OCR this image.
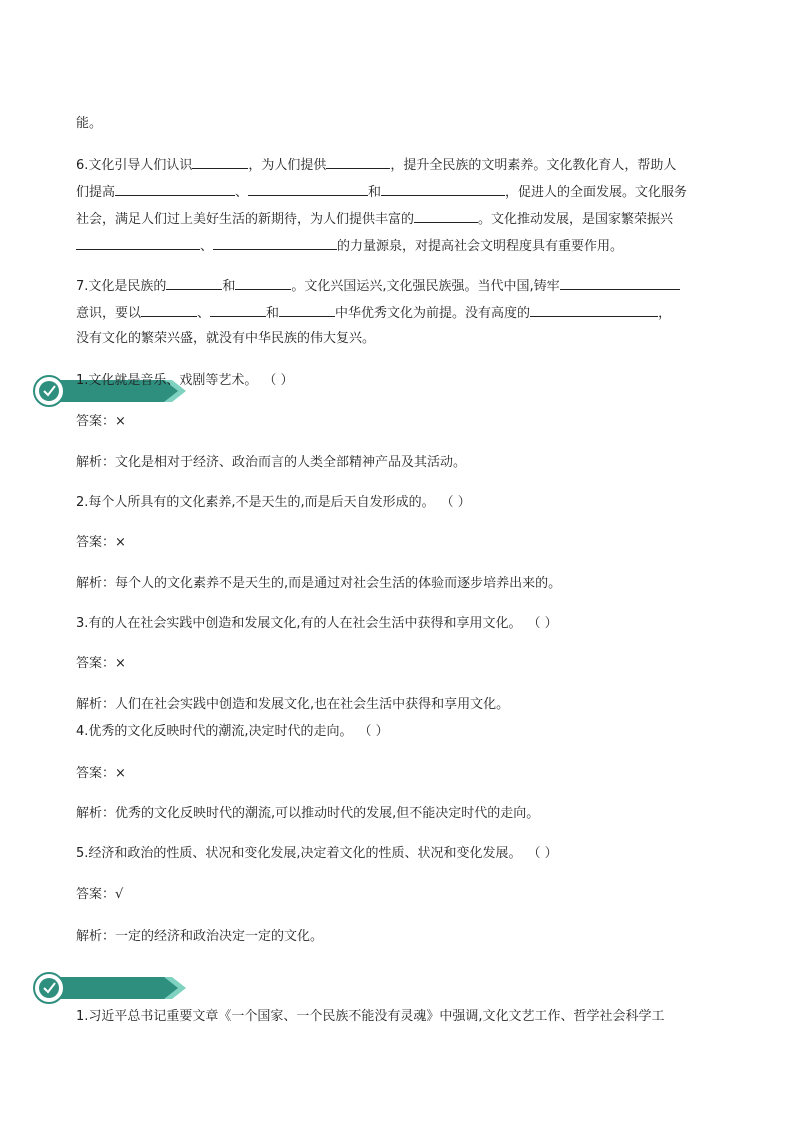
能。
6.文化引导人们认识	，为人们提供	，提升全民族的文明素养。文化教化育人，帮助人
们提高	、	和	，促进人的全面发展。文化服务
社会，满足人们过上美好生活的新期待，为人们提供丰富的	。文化推动发展，是国家繁荣振兴
、	的力量源泉，对提高社会文明程度具有重要作用。
7.文化是民族的	和	。文化兴国运兴,文化强民族强。当代中国,铸牢
意识，要以	、	和	中华优秀文化为前提。没有高度的	，
没有文化的繁荣兴盛，就没有中华民族的伟大复兴。
1.文化就是音乐、戏剧等艺术。 （ ）
答案：×
解析：文化是相对于经济、政治而言的人类全部精神产品及其活动。
2.每个人所具有的文化素养,不是天生的,而是后天自发形成的。 （ ）
答案：×
解析：每个人的文化素养不是天生的,而是通过对社会生活的体验而逐步培养出来的。
3.有的人在社会实践中创造和发展文化,有的人在社会生活中获得和享用文化。 （ ）
答案：×
解析：人们在社会实践中创造和发展文化,也在社会生活中获得和享用文化。
4.优秀的文化反映时代的潮流,决定时代的走向。 （ ）
答案：×
解析：优秀的文化反映时代的潮流,可以推动时代的发展,但不能决定时代的走向。
5.经济和政治的性质、状况和变化发展,决定着文化的性质、状况和变化发展。 （ ）
答案：√
解析：一定的经济和政治决定一定的文化。
1.习近平总书记重要文章《一个国家、一个民族不能没有灵魂》中强调,文化文艺工作、哲学社会科学工
